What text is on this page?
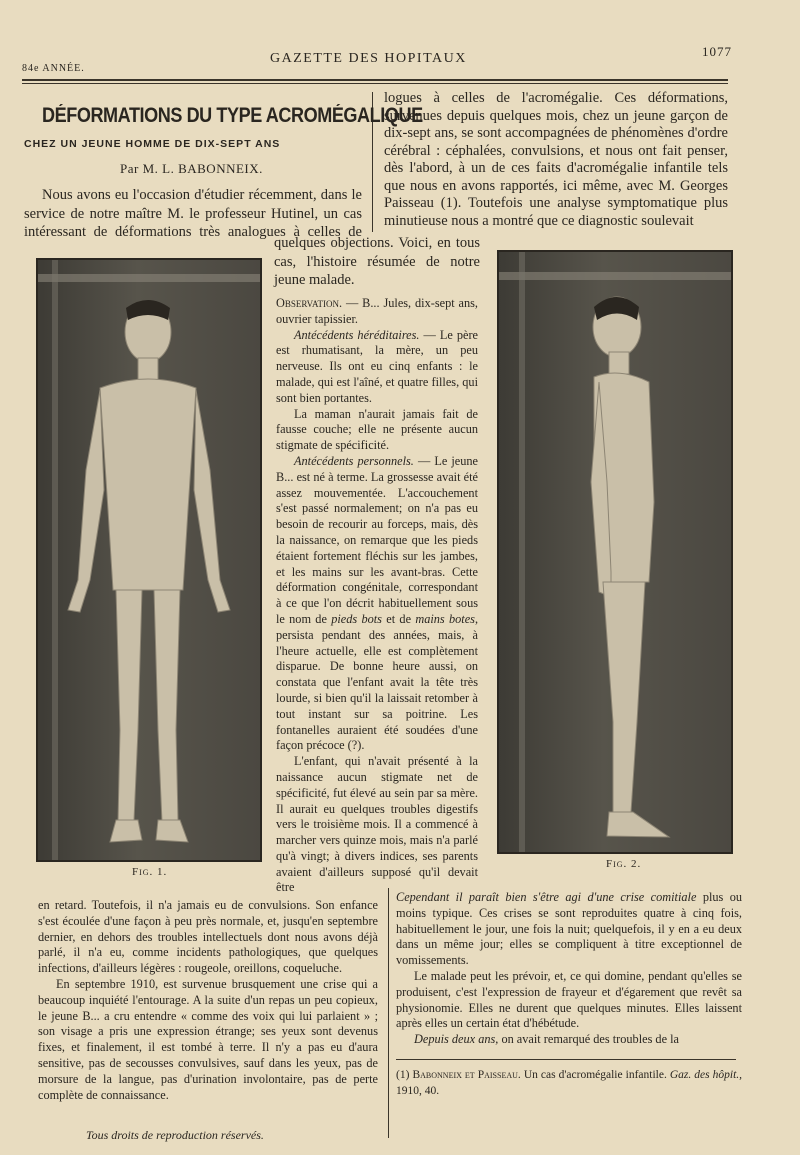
84e ANNÉE.
GAZETTE DES HOPITAUX	1077
DÉFORMATIONS DU TYPE ACROMÉGALIQUE
CHEZ UN JEUNE HOMME DE DIX-SEPT ANS
Par M. L. BABONNEIX.

Nous avons eu l'occasion d'étudier récemment, dans le service de notre maître M. le professeur Hutinel, un cas intéressant de déformations très analogues à celles de

logues à celles de l'acromégalie. Ces déformations, survenues depuis quelques mois, chez un jeune garçon de dix-sept ans, se sont accompagnées de phénomènes d'ordre cérébral : céphalées, convulsions, et nous ont fait penser, dès l'abord, à un de ces faits d'acromégalie infantile tels que nous en avons rapportés, ici même, avec M. Georges Paisseau (1). Toutefois une analyse symptomatique plus minutieuse nous a montré que ce diagnostic soulevait

quelques objections. Voici, en tous cas, l'histoire résumée de notre jeune malade.

Fig. 1.
Fig. 2.

Observation. — B... Jules, dix-sept ans, ouvrier tapissier.

Antécédents héréditaires. — Le père est rhumatisant, la mère, un peu nerveuse. Ils ont eu cinq enfants : le malade, qui est l'aîné, et quatre filles, qui sont bien portantes.

La maman n'aurait jamais fait de fausse couche; elle ne présente aucun stigmate de spécificité.

Antécédents personnels. — Le jeune B... est né à terme. La grossesse avait été assez mouvementée. L'accouchement s'est passé normalement; on n'a pas eu besoin de recourir au forceps, mais, dès la naissance, on remarque que les pieds étaient fortement fléchis sur les jambes, et les mains sur les avant-bras. Cette déformation congénitale, correspondant à ce que l'on décrit habituellement sous le nom de pieds bots et de mains botes, persista pendant des années, mais, à l'heure actuelle, elle est complètement disparue. De bonne heure aussi, on constata que l'enfant avait la tête très lourde, si bien qu'il la laissait retomber à tout instant sur sa poitrine. Les fontanelles auraient été soudées d'une façon précoce (?).

L'enfant, qui n'avait présenté à la naissance aucun stigmate net de spécificité, fut élevé au sein par sa mère. Il aurait eu quelques troubles digestifs vers le troisième mois. Il a commencé à marcher vers quinze mois, mais n'a parlé qu'à vingt; à divers indices, ses parents avaient d'ailleurs supposé qu'il devait être

en retard. Toutefois, il n'a jamais eu de convulsions. Son enfance s'est écoulée d'une façon à peu près normale, et, jusqu'en septembre dernier, en dehors des troubles intellectuels dont nous avons déjà parlé, il n'a eu, comme incidents pathologiques, que quelques infections, d'ailleurs légères : rougeole, oreillons, coqueluche.

En septembre 1910, est survenue brusquement une crise qui a beaucoup inquiété l'entourage. A la suite d'un repas un peu copieux, le jeune B... a cru entendre « comme des voix qui lui parlaient » ; son visage a pris une expression étrange; ses yeux sont devenus fixes, et finalement, il est tombé à terre. Il n'y a pas eu d'aura sensitive, pas de secousses convulsives, sauf dans les yeux, pas de morsure de la langue, pas d'urination involontaire, pas de perte complète de connaissance.

Cependant il paraît bien s'être agi d'une crise comitiale plus ou moins typique. Ces crises se sont reproduites quatre à cinq fois, habituellement le jour, une fois la nuit; quelquefois, il y en a eu deux dans un même jour; elles se compliquent à titre exceptionnel de vomissements.

Le malade peut les prévoir, et, ce qui domine, pendant qu'elles se produisent, c'est l'expression de frayeur et d'égarement que revêt sa physionomie. Elles ne durent que quelques minutes. Elles laissent après elles un certain état d'hébétude.

Depuis deux ans, on avait remarqué des troubles de la

(1) Babonneix et Paisseau. Un cas d'acromégalie infantile. Gaz. des hôpit., 1910, 40.

Tous droits de reproduction réservés.
